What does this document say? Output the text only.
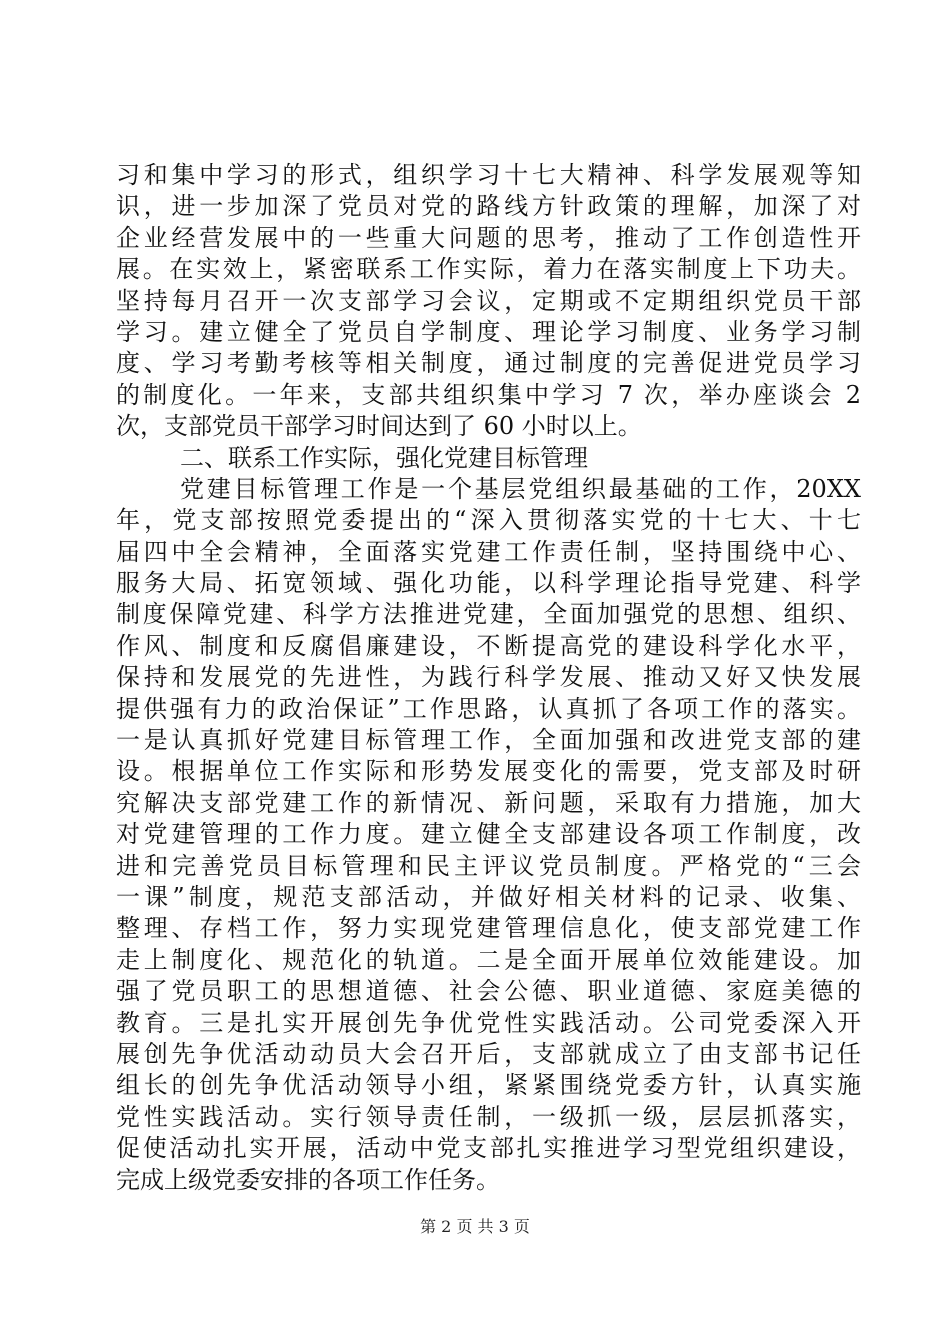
习和集中学习的形式，组织学习十七大精神、科学发展观等知
识，进一步加深了党员对党的路线方针政策的理解，加深了对
企业经营发展中的一些重大问题的思考，推动了工作创造性开
展。在实效上，紧密联系工作实际，着力在落实制度上下功夫。
坚持每月召开一次支部学习会议，定期或不定期组织党员干部
学习。建立健全了党员自学制度、理论学习制度、业务学习制
度、学习考勤考核等相关制度，通过制度的完善促进党员学习
的制度化。一年来，支部共组织集中学习 7 次，举办座谈会 2
次，支部党员干部学习时间达到了 60 小时以上。
二、联系工作实际，强化党建目标管理
党建目标管理工作是一个基层党组织最基础的工作，20XX
年，党支部按照党委提出的“深入贯彻落实党的十七大、十七
届四中全会精神，全面落实党建工作责任制，坚持围绕中心、
服务大局、拓宽领域、强化功能，以科学理论指导党建、科学
制度保障党建、科学方法推进党建，全面加强党的思想、组织、
作风、制度和反腐倡廉建设，不断提高党的建设科学化水平，
保持和发展党的先进性，为践行科学发展、推动又好又快发展
提供强有力的政治保证”工作思路，认真抓了各项工作的落实。
一是认真抓好党建目标管理工作，全面加强和改进党支部的建
设。根据单位工作实际和形势发展变化的需要，党支部及时研
究解决支部党建工作的新情况、新问题，采取有力措施，加大
对党建管理的工作力度。建立健全支部建设各项工作制度，改
进和完善党员目标管理和民主评议党员制度。严格党的“三会
一课”制度，规范支部活动，并做好相关材料的记录、收集、
整理、存档工作，努力实现党建管理信息化，使支部党建工作
走上制度化、规范化的轨道。二是全面开展单位效能建设。加
强了党员职工的思想道德、社会公德、职业道德、家庭美德的
教育。三是扎实开展创先争优党性实践活动。公司党委深入开
展创先争优活动动员大会召开后，支部就成立了由支部书记任
组长的创先争优活动领导小组，紧紧围绕党委方针，认真实施
党性实践活动。实行领导责任制，一级抓一级，层层抓落实，
促使活动扎实开展，活动中党支部扎实推进学习型党组织建设，
完成上级党委安排的各项工作任务。
第 2 页 共 3 页
